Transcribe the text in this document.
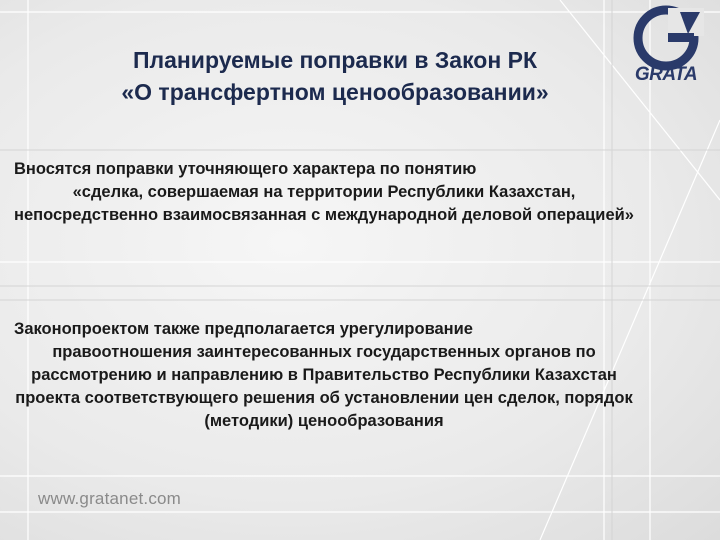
GRATA
Планируемые поправки в Закон РК
«О трансфертном ценообразовании»
Вносятся поправки уточняющего характера по понятию
«сделка, совершаемая на территории Республики Казахстан, непосредственно взаимосвязанная с международной деловой операцией»
Законопроектом также предполагается урегулирование
правоотношения заинтересованных государственных органов по рассмотрению и направлению в Правительство Республики Казахстан проекта соответствующего решения об установлении цен сделок, порядок (методики) ценообразования
www.gratanet.com
